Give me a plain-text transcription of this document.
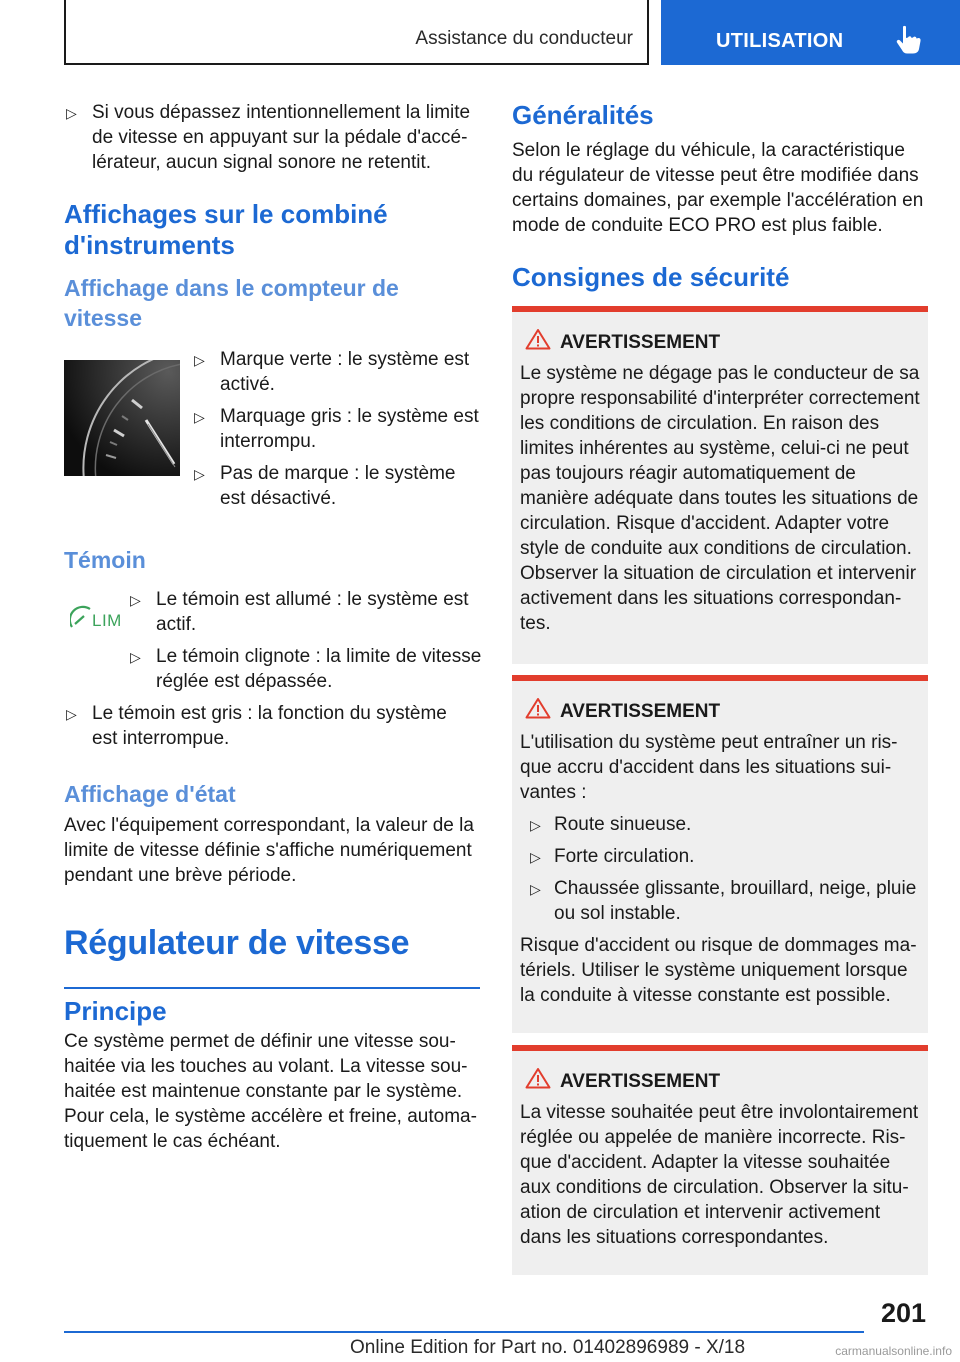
Assistance du conducteur	UTILISATION
▷ Si vous dépassez intentionnellement la limite de vitesse en appuyant sur la pédale d'accélérateur, aucun signal sonore ne retentit.
Affichages sur le combiné
d'instruments
Affichage dans le compteur de
vitesse
▷ Marque verte : le système est activé.
▷ Marquage gris : le système est interrompu.
▷ Pas de marque : le système est désactivé.
Témoin
LIM
▷ Le témoin est allumé : le système est actif.
▷ Le témoin clignote : la limite de vitesse réglée est dépassée.
▷ Le témoin est gris : la fonction du système est interrompue.
Affichage d'état
Avec l'équipement correspondant, la valeur de la limite de vitesse définie s'affiche numériquement pendant une brève période.
Régulateur de vitesse
Principe
Ce système permet de définir une vitesse souhaitée via les touches au volant. La vitesse souhaitée est maintenue constante par le système. Pour cela, le système accélère et freine, automatiquement le cas échéant.
Généralités
Selon le réglage du véhicule, la caractéristique du régulateur de vitesse peut être modifiée dans certains domaines, par exemple l'accélération en mode de conduite ECO PRO est plus faible.
Consignes de sécurité
AVERTISSEMENT
Le système ne dégage pas le conducteur de sa propre responsabilité d'interpréter correctement les conditions de circulation. En raison des limites inhérentes au système, celui-ci ne peut pas toujours réagir automatiquement de manière adéquate dans toutes les situations de circulation. Risque d'accident. Adapter votre style de conduite aux conditions de circulation. Observer la situation de circulation et intervenir activement dans les situations correspondantes.
AVERTISSEMENT
L'utilisation du système peut entraîner un risque accru d'accident dans les situations suivantes :
▷ Route sinueuse.
▷ Forte circulation.
▷ Chaussée glissante, brouillard, neige, pluie ou sol instable.
Risque d'accident ou risque de dommages matériels. Utiliser le système uniquement lorsque la conduite à vitesse constante est possible.
AVERTISSEMENT
La vitesse souhaitée peut être involontairement réglée ou appelée de manière incorrecte. Risque d'accident. Adapter la vitesse souhaitée aux conditions de circulation. Observer la situation de circulation et intervenir activement dans les situations correspondantes.
201
Online Edition for Part no. 01402896989 - X/18	carmanualsonline.info
